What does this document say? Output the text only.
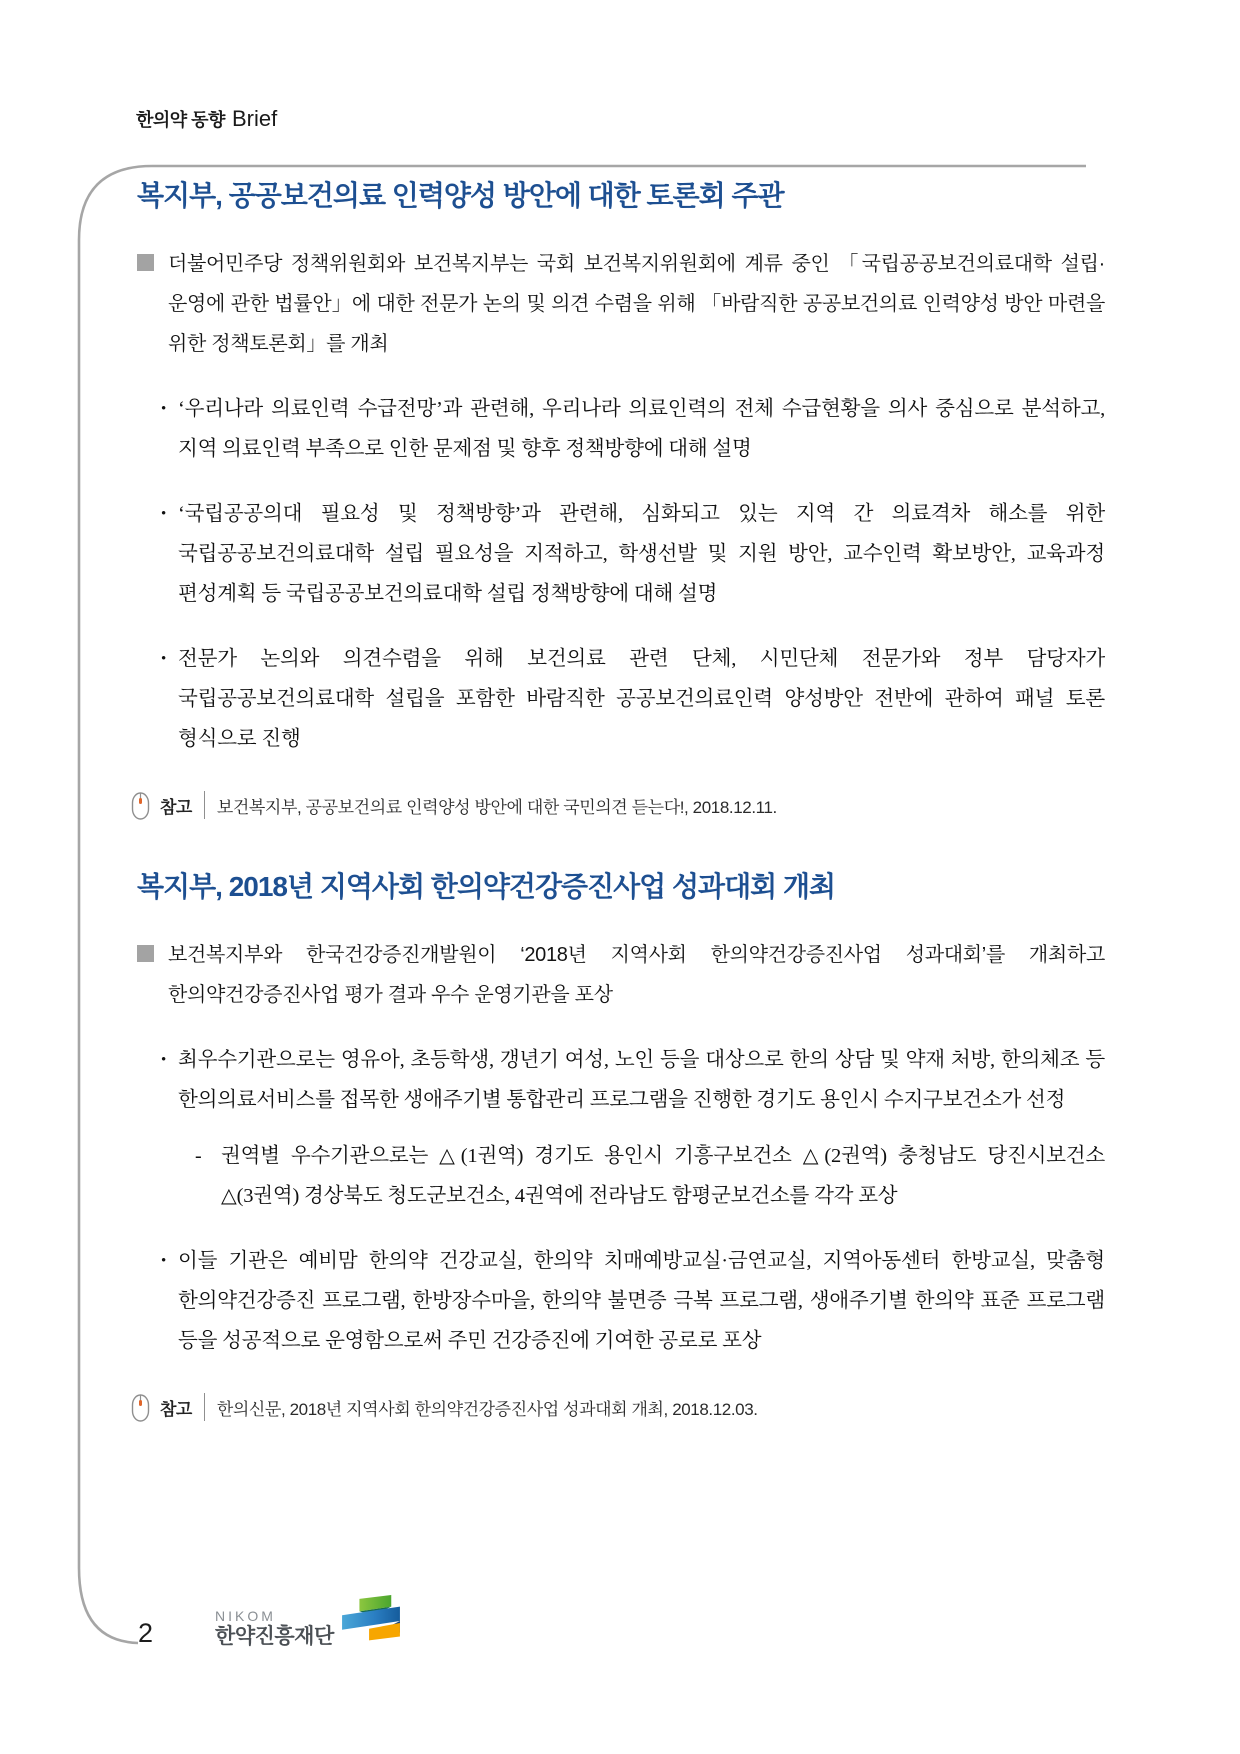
한의약 동향 Brief
복지부, 공공보건의료 인력양성 방안에 대한 토론회 주관

더불어민주당 정책위원회와 보건복지부는 국회 보건복지위원회에 계류 중인 「국립공공보건의료대학 설립·운영에 관한 법률안」에 대한 전문가 논의 및 의견 수렴을 위해 「바람직한 공공보건의료 인력양성 방안 마련을 위한 정책토론회」를 개최

• ‘우리나라 의료인력 수급전망’과 관련해, 우리나라 의료인력의 전체 수급현황을 의사 중심으로 분석하고, 지역 의료인력 부족으로 인한 문제점 및 향후 정책방향에 대해 설명

• ‘국립공공의대 필요성 및 정책방향’과 관련해, 심화되고 있는 지역 간 의료격차 해소를 위한 국립공공보건의료대학 설립 필요성을 지적하고, 학생선발 및 지원 방안, 교수인력 확보방안, 교육과정 편성계획 등 국립공공보건의료대학 설립 정책방향에 대해 설명

• 전문가 논의와 의견수렴을 위해 보건의료 관련 단체, 시민단체 전문가와 정부 담당자가 국립공공보건의료대학 설립을 포함한 바람직한 공공보건의료인력 양성방안 전반에 관하여 패널 토론 형식으로 진행

참고 보건복지부, 공공보건의료 인력양성 방안에 대한 국민의견 듣는다!, 2018.12.11.
복지부, 2018년 지역사회 한의약건강증진사업 성과대회 개최

보건복지부와 한국건강증진개발원이 ‘2018년 지역사회 한의약건강증진사업 성과대회’를 개최하고 한의약건강증진사업 평가 결과 우수 운영기관을 포상

• 최우수기관으로는 영유아, 초등학생, 갱년기 여성, 노인 등을 대상으로 한의 상담 및 약재 처방, 한의체조 등 한의의료서비스를 접목한 생애주기별 통합관리 프로그램을 진행한 경기도 용인시 수지구보건소가 선정

- 권역별 우수기관으로는 △(1권역) 경기도 용인시 기흥구보건소 △(2권역) 충청남도 당진시보건소 △(3권역) 경상북도 청도군보건소, 4권역에 전라남도 함평군보건소를 각각 포상

• 이들 기관은 예비맘 한의약 건강교실, 한의약 치매예방교실·금연교실, 지역아동센터 한방교실, 맞춤형 한의약건강증진 프로그램, 한방장수마을, 한의약 불면증 극복 프로그램, 생애주기별 한의약 표준 프로그램 등을 성공적으로 운영함으로써 주민 건강증진에 기여한 공로로 포상

참고 한의신문, 2018년 지역사회 한의약건강증진사업 성과대회 개최, 2018.12.03.
2
NIKOM
한약진흥재단
